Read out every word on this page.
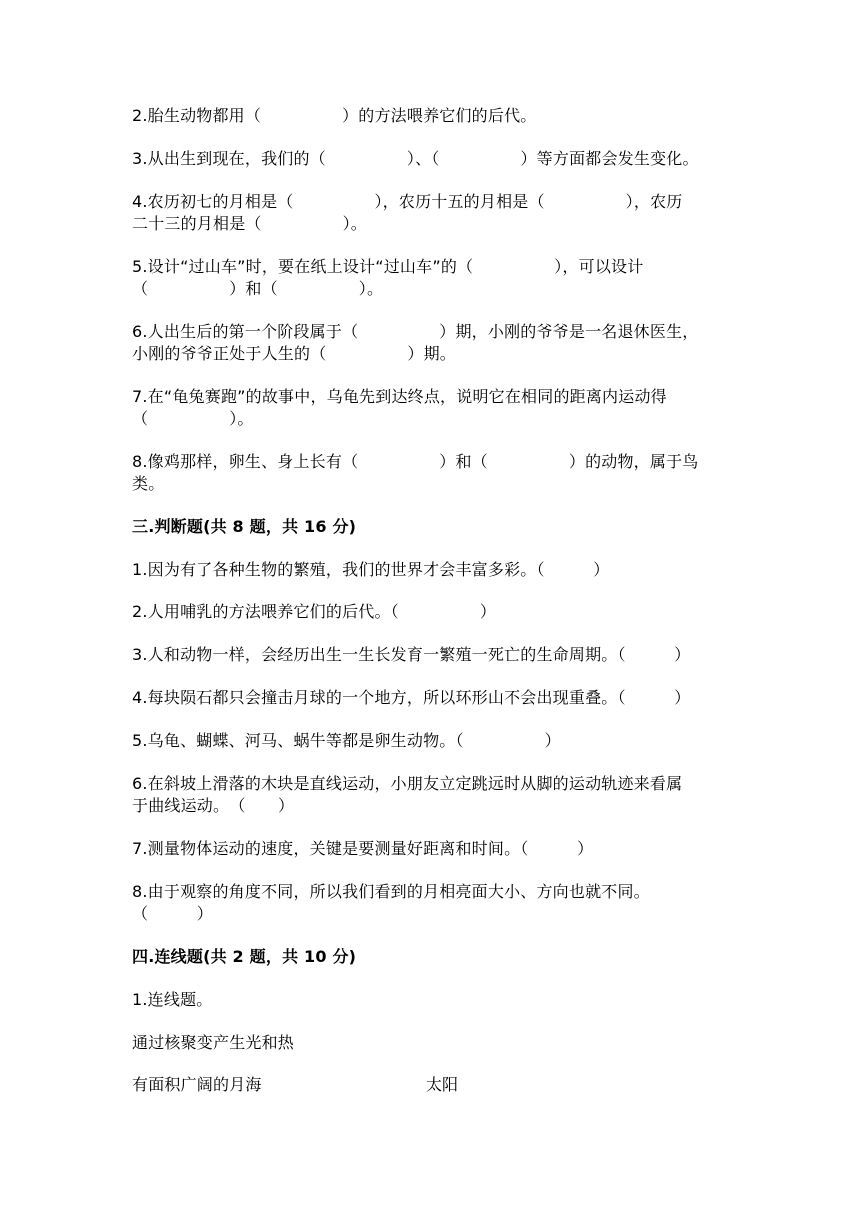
2.胎生动物都用（　　　　　）的方法喂养它们的后代。
3.从出生到现在，我们的（　　　　　）、（　　　　　）等方面都会发生变化。
4.农历初七的月相是（　　　　　），农历十五的月相是（　　　　　），农历
二十三的月相是（　　　　　）。
5.设计“过山车”时，要在纸上设计“过山车”的（　　　　　），可以设计
（　　　　　）和（　　　　　）。
6.人出生后的第一个阶段属于（　　　　　）期，小刚的爷爷是一名退休医生，
小刚的爷爷正处于人生的（　　　　　）期。
7.在“龟兔赛跑”的故事中，乌龟先到达终点，说明它在相同的距离内运动得
（　　　　　）。
8.像鸡那样，卵生、身上长有（　　　　　）和（　　　　　）的动物，属于鸟
类。
三.判断题(共 8 题，共 16 分)
1.因为有了各种生物的繁殖，我们的世界才会丰富多彩。（　　　）
2.人用哺乳的方法喂养它们的后代。（　　　　　）
3.人和动物一样，会经历出生一生长发育一繁殖一死亡的生命周期。（　　　）
4.每块陨石都只会撞击月球的一个地方，所以环形山不会出现重叠。（　　　）
5.乌龟、蝴蝶、河马、蜗牛等都是卵生动物。（　　　　　）
6.在斜坡上滑落的木块是直线运动，小朋友立定跳远时从脚的运动轨迹来看属
于曲线运动。　（　　）
7.测量物体运动的速度，关键是要测量好距离和时间。（　　　）
8.由于观察的角度不同，所以我们看到的月相亮面大小、方向也就不同。
（　　　）
四.连线题(共 2 题，共 10 分)
1.连线题。
通过核聚变产生光和热
有面积广阔的月海	太阳
